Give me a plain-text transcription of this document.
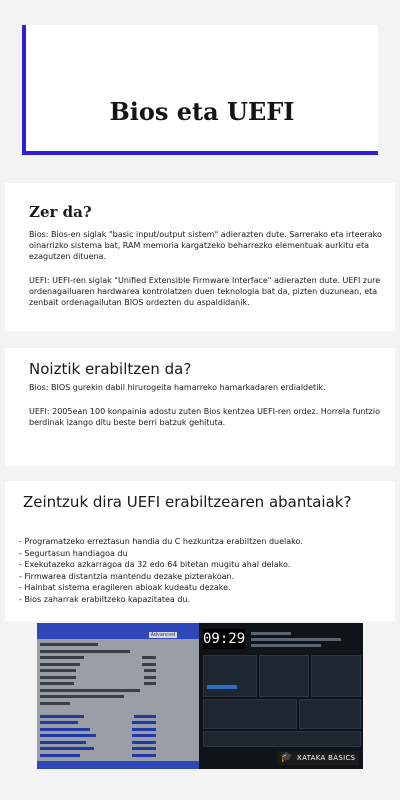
Bios eta UEFI
Zer da?

Bios: Bios-en siglak "basic input/output sistem" adierazten dute. Sarrerako eta irteerako oinarrizko sistema bat, RAM memoria kargatzeko beharrezko elementuak aurkitu eta ezagutzen dituena.

UEFI: UEFI-ren siglak "Unified Extensible Firmware Interface" adierazten dute. UEFI zure ordenagailuaren hardwarea kontrolatzen duen teknologia bat da, pizten duzunean, eta zenbait ordenagailutan BIOS ordezten du aspaldidanik.

Noiztik erabiltzen da?

Bios: BIOS gurekin dabil hirurogeita hamarreko hamarkadaren erdialdetik.

UEFI: 2005ean 100 konpainia adostu zuten Bios kentzea UEFI-ren ordez. Horrela funtzio berdinak izango ditu beste berri batzuk gehituta.

Zeintzuk dira UEFI erabiltzearen abantaiak?
- Programatzeko erreztasun handia du C hezkuntza erabiltzen duelako.
- Segurtasun handiagoa du
- Exekutazeko azkarragoa da 32 edo 64 bitetan mugitu ahal delako.
- Firmwarea distantzia mantendu dezake pizterakoan.
- Hainbat sistema eragileren abioak kudeatu dezake.
- Bios zaharrak erabiltzeko kapazitatea du.
Advanced 09:29
🎓 XATAKA BASICS
